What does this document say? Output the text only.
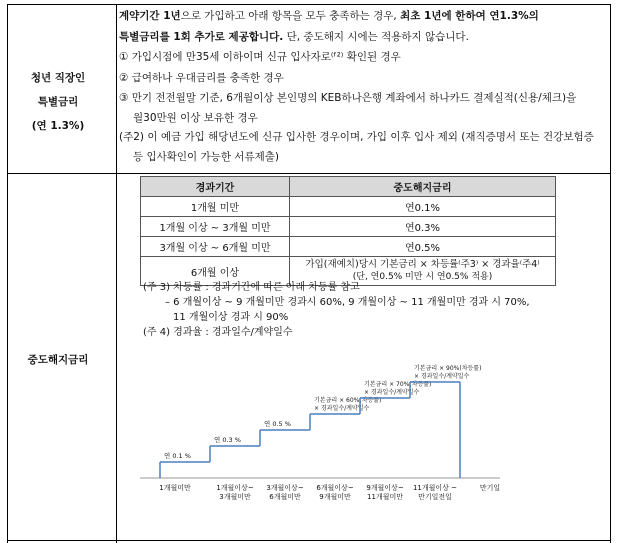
청년 직장인
특별금리
(연 1.3%)

계약기간 1년으로 가입하고 아래 항목을 모두 충족하는 경우, 최초 1년에 한하여 연1.3%의

특별금리를 1회 추가로 제공합니다. 단, 중도해지 시에는 적용하지 않습니다.

① 가입시점에 만35세 이하이며 신규 입사자로⁽ᶠ²⁾ 확인된 경우

② 급여하나 우대금리를 충족한 경우

③ 만기 전전월말 기준, 6개월이상 본인명의 KEB하나은행 계좌에서 하나카드 결제실적(신용/체크)을

월30만원 이상 보유한 경우

(주2) 이 예금 가입 해당년도에 신규 입사한 경우이며, 가입 이후 입사 제외 (재직증명서 또는 건강보험증

등 입사확인이 가능한 서류제출)

중도해지금리
경과기간	중도해지금리
1개월 미만	연0.1%
1개월 이상 ~ 3개월 미만	연0.3%
3개월 이상 ~ 6개월 미만	연0.5%
6개월 이상	가입(재예치)당시 기본금리 × 차등률⁽주3⁾ × 경과율⁽주4⁾
(단, 연0.5% 미만 시 연0.5% 적용)

(주 3) 차등률 : 경과기간에 따른 아래 차등률 참고

– 6 개월이상 ~ 9 개월미만 경과시 60%, 9 개월이상 ~ 11 개월미만 경과 시 70%,

11 개월이상 경과 시 90%

(주 4) 경과율 : 경과일수/계약일수

연 0.1 %
1개월미만
연 0.3 %
1개월이상~
3개월미만
연 0.5 %
3개월이상~
6개월미만
기본금리 × 60%(차등률)
× 경과일수/계약일수
6개월이상~
9개월미만
기본금리 × 70%(차등률)
× 경과일수/계약일수
9개월이상~
11개월미만
기본금리 × 90%(차등률)
× 경과일수/계약일수
11개월이상 ~
만기일전일
만기일
